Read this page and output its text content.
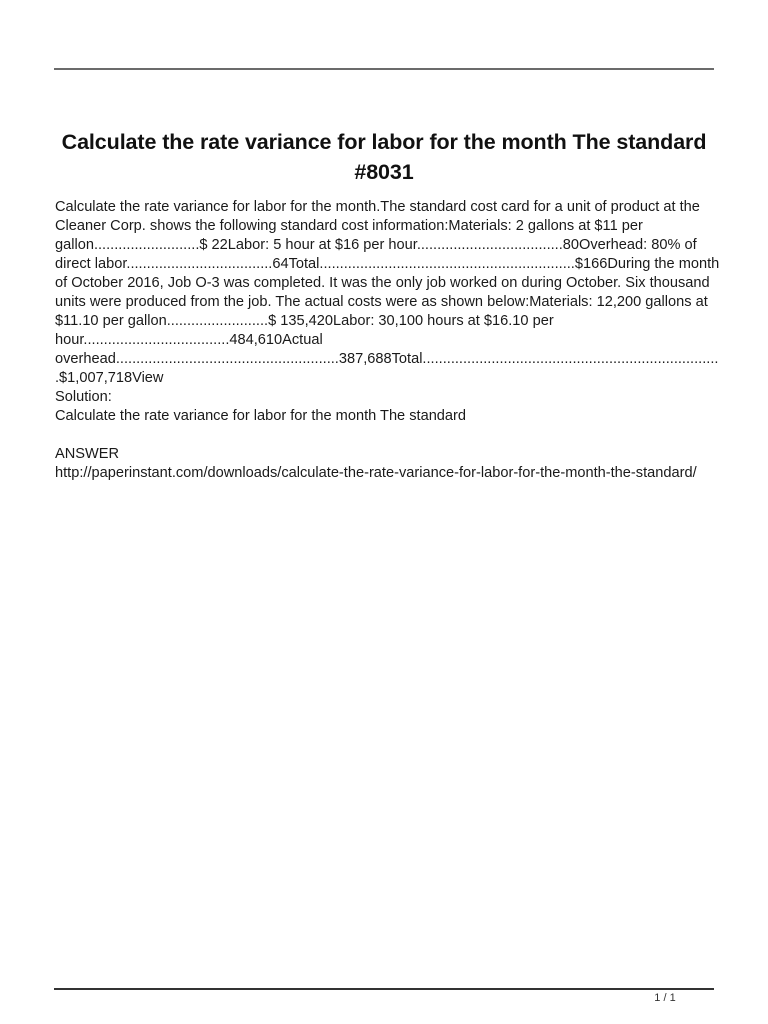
Calculate the rate variance for labor for the month The standard #8031

Calculate the rate variance for labor for the month.The standard cost card for a unit of product at the Cleaner Corp. shows the following standard cost information:Materials: 2 gallons at $11 per gallon..........................$ 22Labor: 5 hour at $16 per hour....................................80Overhead: 80% of direct labor....................................64Total...............................................................$166During the month of October 2016, Job O-3 was completed. It was the only job worked on during October. Six thousand units were produced from the job. The actual costs were as shown below:Materials: 12,200 gallons at $11.10 per gallon.........................$ 135,420Labor: 30,100 hours at $16.10 per hour....................................484,610Actual overhead.......................................................387,688Total..........................................................................$1,007,718View

Solution:

Calculate the rate variance for labor for the month The standard

ANSWER

http://paperinstant.com/downloads/calculate-the-rate-variance-for-labor-for-the-month-the-standard/

1 / 1
